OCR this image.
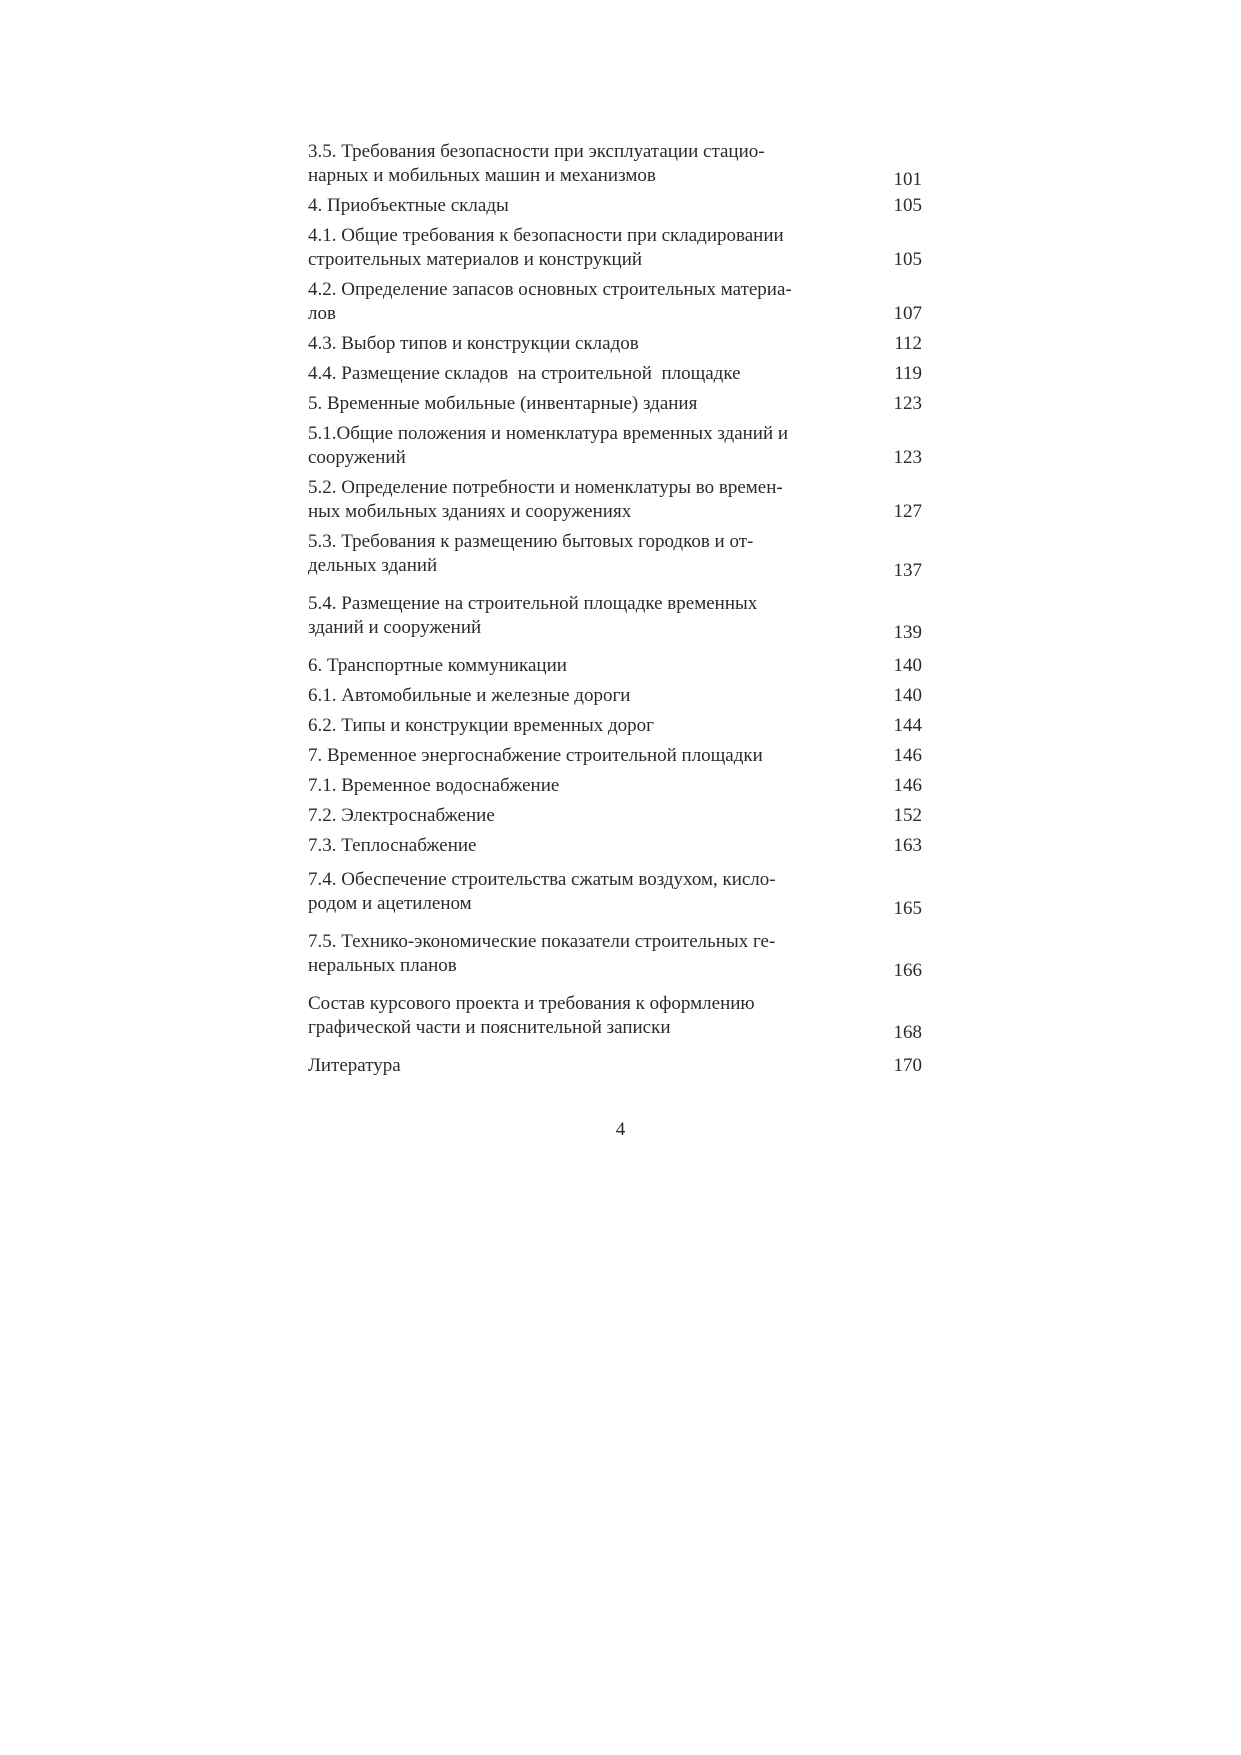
3.5. Требования безопасности при эксплуатации стацио-
нарных и мобильных машин и механизмов	101
4. Приобъектные склады	105
4.1. Общие требования к безопасности при складировании
строительных материалов и конструкций	105
4.2. Определение запасов основных строительных материа-
лов	107
4.3. Выбор типов и конструкции складов	112
4.4. Размещение складов  на строительной  площадке	119
5. Временные мобильные (инвентарные) здания	123
5.1.Общие положения и номенклатура временных зданий и
сооружений	123
5.2. Определение потребности и номенклатуры во времен-
ных мобильных зданиях и сооружениях	127
5.3. Требования к размещению бытовых городков и от-
дельных зданий	137
5.4. Размещение на строительной площадке временных
зданий и сооружений	139
6. Транспортные коммуникации	140
6.1. Автомобильные и железные дороги	140
6.2. Типы и конструкции временных дорог	144
7. Временное энергоснабжение строительной площадки	146
7.1. Временное водоснабжение	146
7.2. Электроснабжение	152
7.3. Теплоснабжение	163
7.4. Обеспечение строительства сжатым воздухом, кисло-
родом и ацетиленом	165
7.5. Технико-экономические показатели строительных ге-
неральных планов	166
Состав курсового проекта и требования к оформлению
графической части и пояснительной записки	168
Литература	170
4
